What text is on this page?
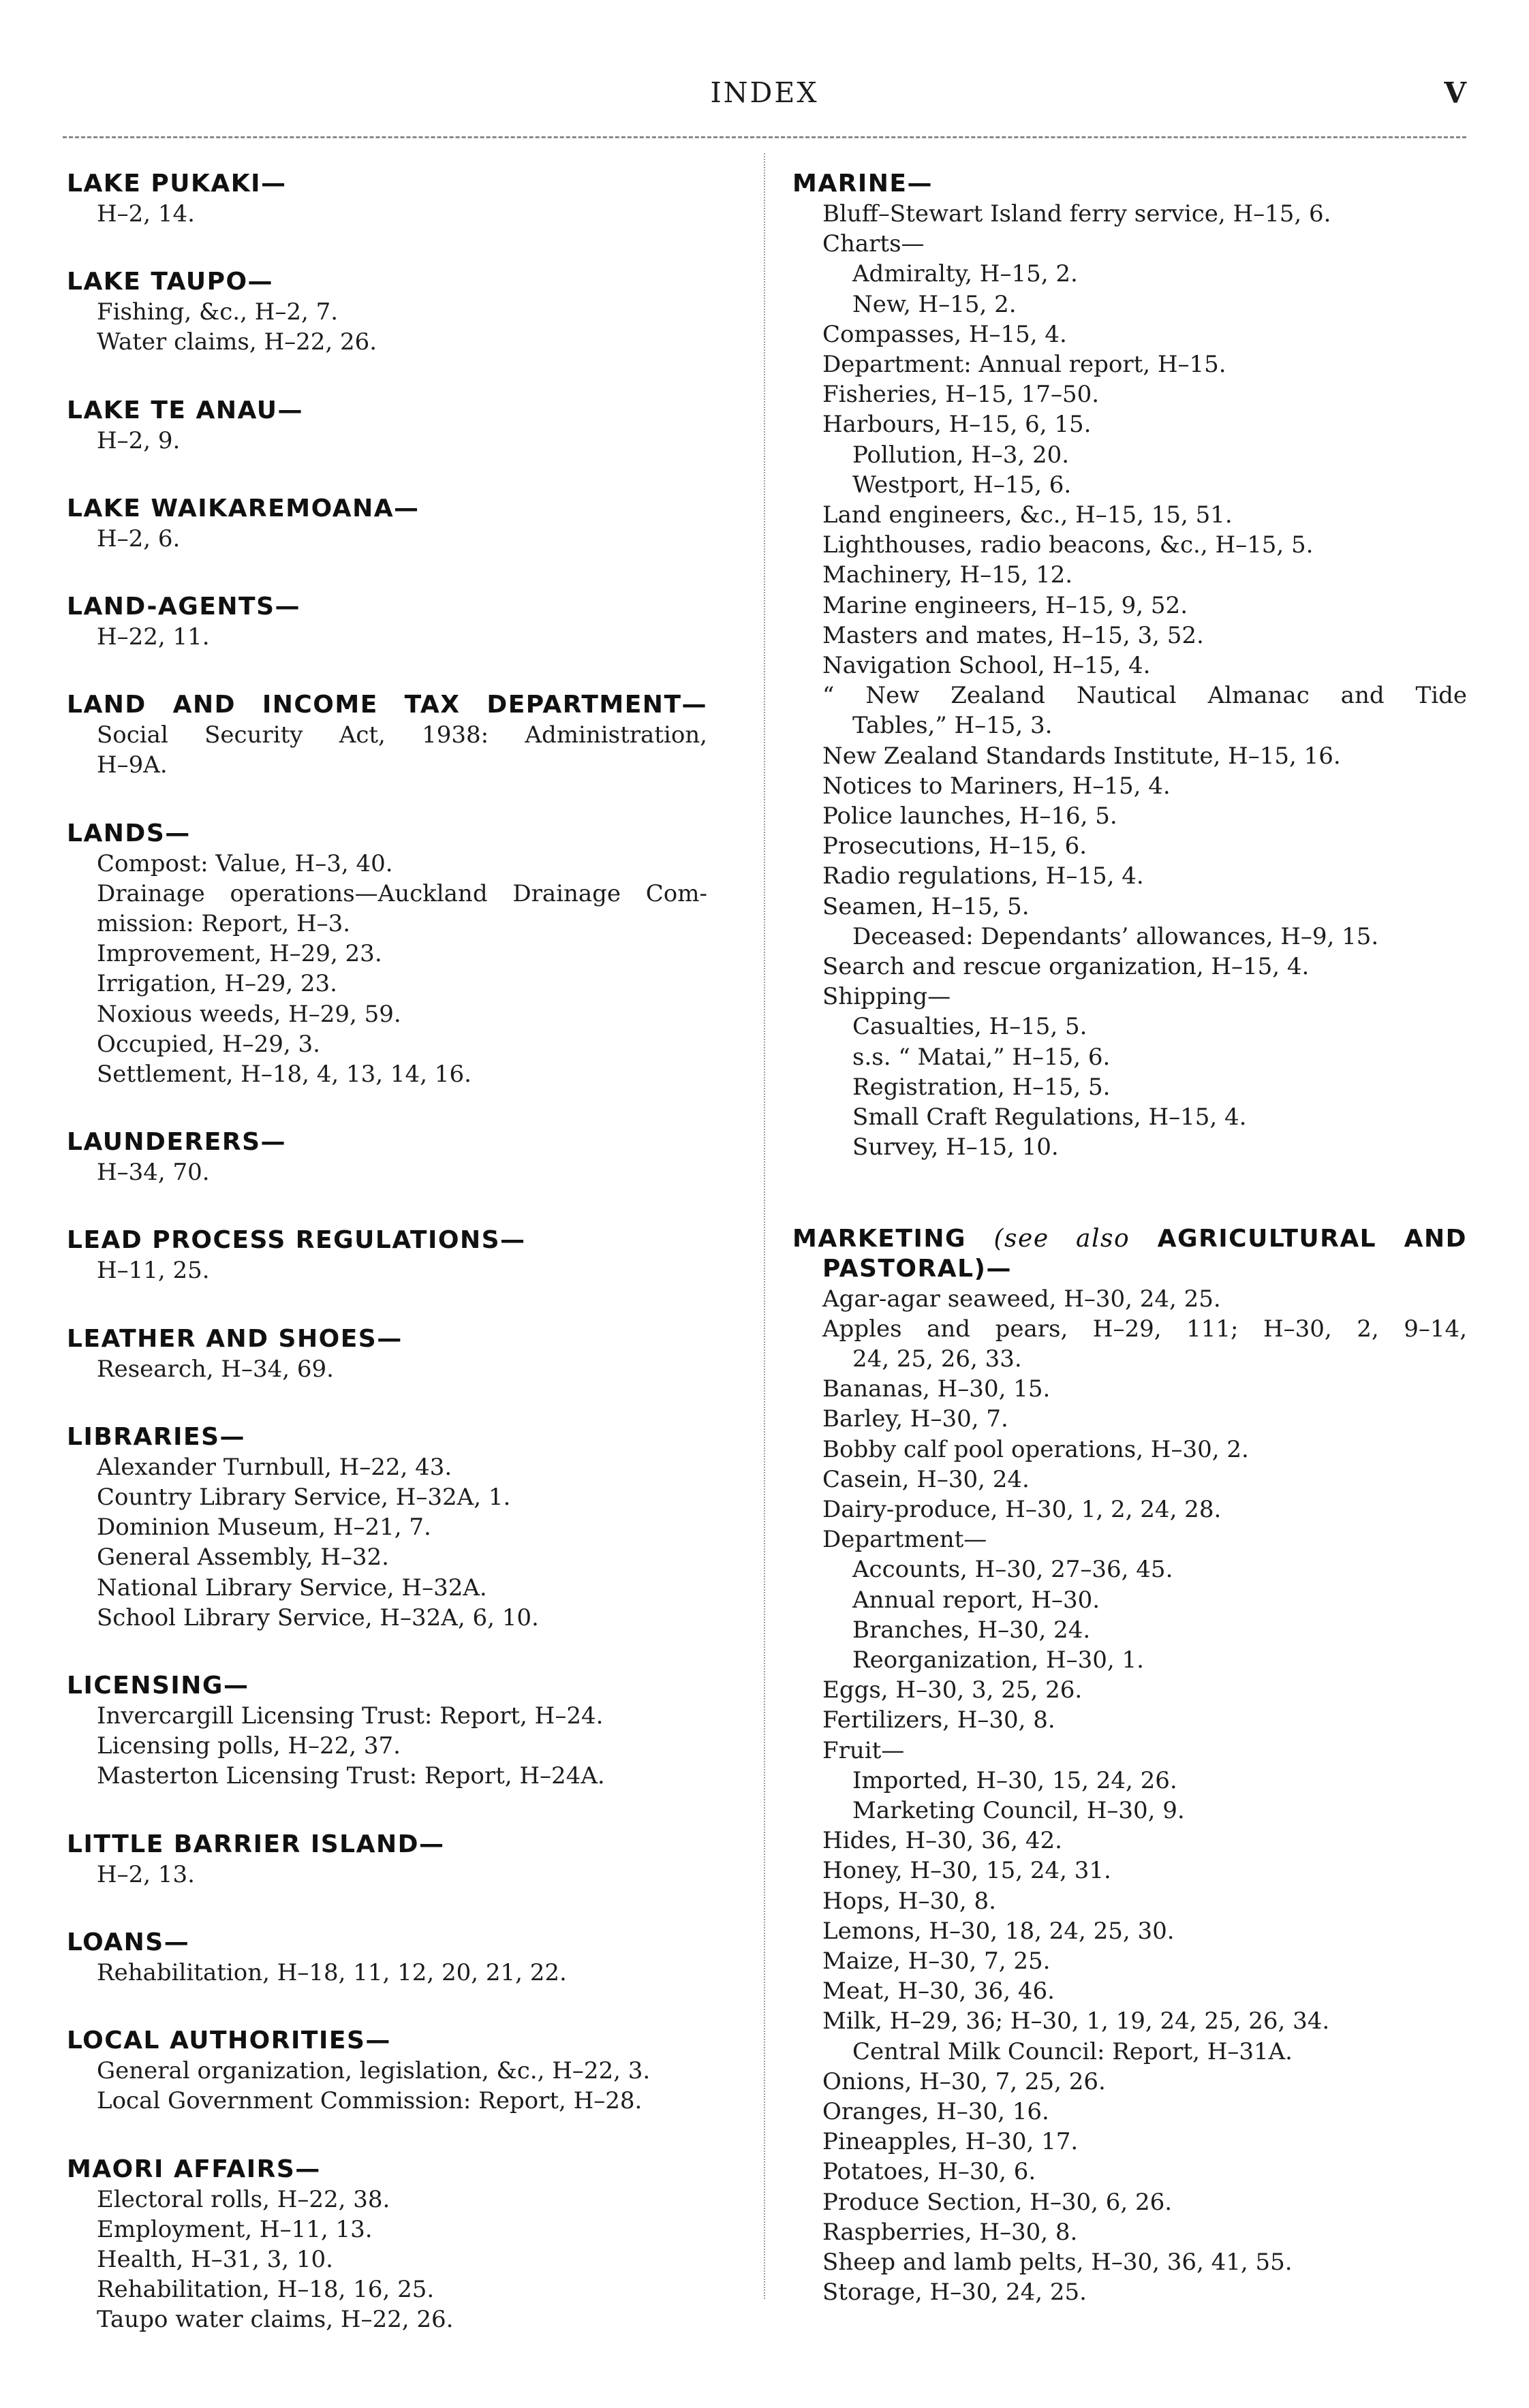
INDEX	V
LAKE PUKAKI—
H–2, 14.
LAKE TAUPO—
Fishing, &c., H–2, 7.
Water claims, H–22, 26.
LAKE TE ANAU—
H–2, 9.
LAKE WAIKAREMOANA—
H–2, 6.
LAND-AGENTS—
H–22, 11.
LAND AND INCOME TAX DEPARTMENT—
Social Security Act, 1938: Administration,
H–9A.
LANDS—
Compost: Value, H–3, 40.
Drainage operations—Auckland Drainage Com-
mission: Report, H–3.
Improvement, H–29, 23.
Irrigation, H–29, 23.
Noxious weeds, H–29, 59.
Occupied, H–29, 3.
Settlement, H–18, 4, 13, 14, 16.
LAUNDERERS—
H–34, 70.
LEAD PROCESS REGULATIONS—
H–11, 25.
LEATHER AND SHOES—
Research, H–34, 69.
LIBRARIES—
Alexander Turnbull, H–22, 43.
Country Library Service, H–32A, 1.
Dominion Museum, H–21, 7.
General Assembly, H–32.
National Library Service, H–32A.
School Library Service, H–32A, 6, 10.
LICENSING—
Invercargill Licensing Trust: Report, H–24.
Licensing polls, H–22, 37.
Masterton Licensing Trust: Report, H–24A.
LITTLE BARRIER ISLAND—
H–2, 13.
LOANS—
Rehabilitation, H–18, 11, 12, 20, 21, 22.
LOCAL AUTHORITIES—
General organization, legislation, &c., H–22, 3.
Local Government Commission: Report, H–28.
MAORI AFFAIRS—
Electoral rolls, H–22, 38.
Employment, H–11, 13.
Health, H–31, 3, 10.
Rehabilitation, H–18, 16, 25.
Taupo water claims, H–22, 26.
MARINE—
Bluff–Stewart Island ferry service, H–15, 6.
Charts—
Admiralty, H–15, 2.
New, H–15, 2.
Compasses, H–15, 4.
Department: Annual report, H–15.
Fisheries, H–15, 17–50.
Harbours, H–15, 6, 15.
Pollution, H–3, 20.
Westport, H–15, 6.
Land engineers, &c., H–15, 15, 51.
Lighthouses, radio beacons, &c., H–15, 5.
Machinery, H–15, 12.
Marine engineers, H–15, 9, 52.
Masters and mates, H–15, 3, 52.
Navigation School, H–15, 4.
“ New Zealand Nautical Almanac and Tide
Tables,” H–15, 3.
New Zealand Standards Institute, H–15, 16.
Notices to Mariners, H–15, 4.
Police launches, H–16, 5.
Prosecutions, H–15, 6.
Radio regulations, H–15, 4.
Seamen, H–15, 5.
Deceased: Dependants’ allowances, H–9, 15.
Search and rescue organization, H–15, 4.
Shipping—
Casualties, H–15, 5.
s.s. “ Matai,” H–15, 6.
Registration, H–15, 5.
Small Craft Regulations, H–15, 4.
Survey, H–15, 10.
MARKETING (see also AGRICULTURAL AND
PASTORAL)—
Agar-agar seaweed, H–30, 24, 25.
Apples and pears, H–29, 111; H–30, 2, 9–14,
24, 25, 26, 33.
Bananas, H–30, 15.
Barley, H–30, 7.
Bobby calf pool operations, H–30, 2.
Casein, H–30, 24.
Dairy-produce, H–30, 1, 2, 24, 28.
Department—
Accounts, H–30, 27–36, 45.
Annual report, H–30.
Branches, H–30, 24.
Reorganization, H–30, 1.
Eggs, H–30, 3, 25, 26.
Fertilizers, H–30, 8.
Fruit—
Imported, H–30, 15, 24, 26.
Marketing Council, H–30, 9.
Hides, H–30, 36, 42.
Honey, H–30, 15, 24, 31.
Hops, H–30, 8.
Lemons, H–30, 18, 24, 25, 30.
Maize, H–30, 7, 25.
Meat, H–30, 36, 46.
Milk, H–29, 36; H–30, 1, 19, 24, 25, 26, 34.
Central Milk Council: Report, H–31A.
Onions, H–30, 7, 25, 26.
Oranges, H–30, 16.
Pineapples, H–30, 17.
Potatoes, H–30, 6.
Produce Section, H–30, 6, 26.
Raspberries, H–30, 8.
Sheep and lamb pelts, H–30, 36, 41, 55.
Storage, H–30, 24, 25.
